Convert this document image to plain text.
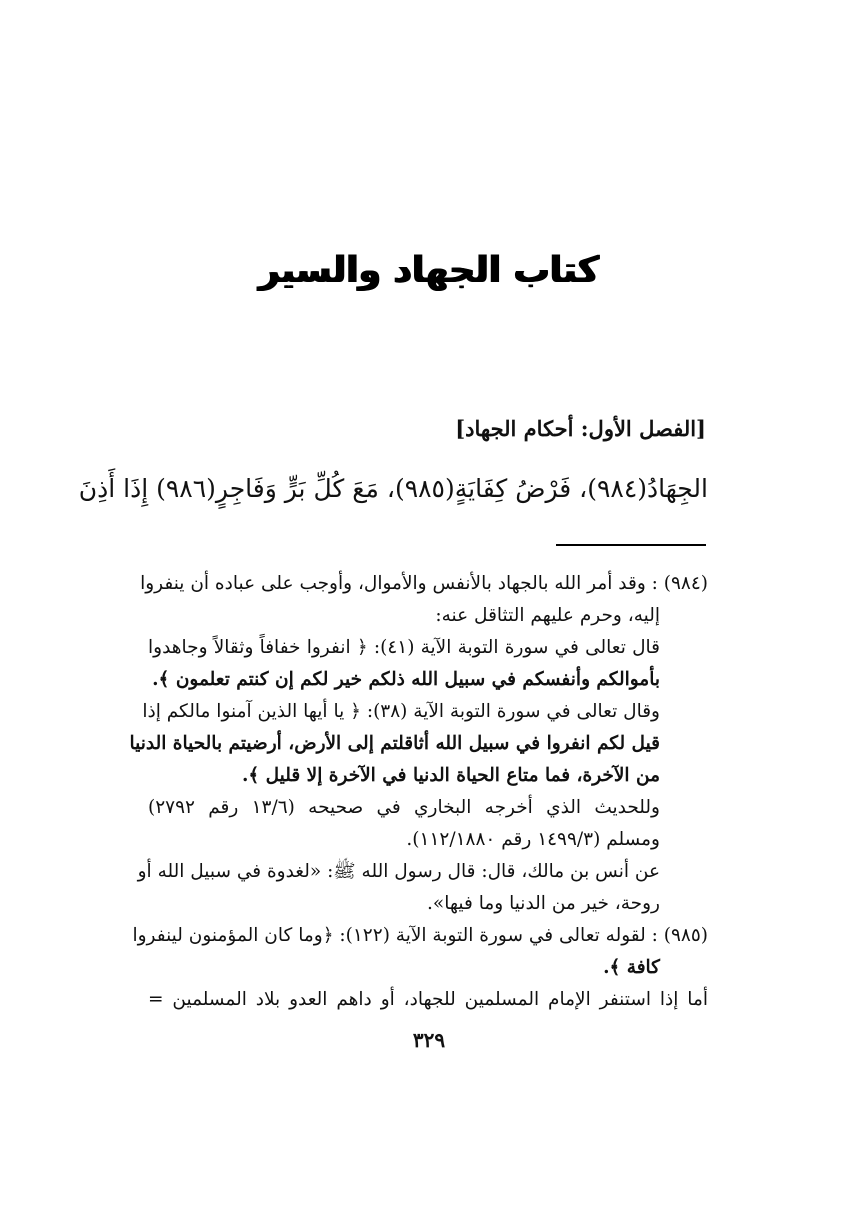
كتاب الجهاد والسير
[الفصل الأول: أحكام الجهاد]
الجِهَادُ(٩٨٤)، فَرْضُ كِفَايَةٍ(٩٨٥)، مَعَ كُلِّ بَرٍّ وَفَاجِرٍ(٩٨٦) إِذَا أَذِنَ
(٩٨٤) : وقد أمر الله بالجهاد بالأنفس والأموال، وأوجب على عباده أن ينفروا
إليه، وحرم عليهم التثاقل عنه:
قال تعالى في سورة التوبة الآية (٤١): ﴿ انفروا خفافاً وثقالاً وجاهدوا
بأموالكم وأنفسكم في سبيل الله ذلكم خير لكم إن كنتم تعلمون ﴾.
وقال تعالى في سورة التوبة الآية (٣٨): ﴿ يا أيها الذين آمنوا مالكم إذا
قيل لكم انفروا في سبيل الله أثاقلتم إلى الأرض، أرضيتم بالحياة الدنيا
من الآخرة، فما متاع الحياة الدنيا في الآخرة إلا قليل ﴾.
وللحديث الذي أخرجه البخاري في صحيحه (١٣/٦ رقم ٢٧٩٢)
ومسلم (١٤٩٩/٣ رقم ١١٢/١٨٨٠).
عن أنس بن مالك، قال: قال رسول الله ﷺ: «لغدوة في سبيل الله أو
روحة، خير من الدنيا وما فيها».
(٩٨٥) : لقوله تعالى في سورة التوبة الآية (١٢٢): ﴿وما كان المؤمنون لينفروا
كافة ﴾.
أما إذا استنفر الإمام المسلمين للجهاد، أو داهم العدو بلاد المسلمين =
٣٢٩
